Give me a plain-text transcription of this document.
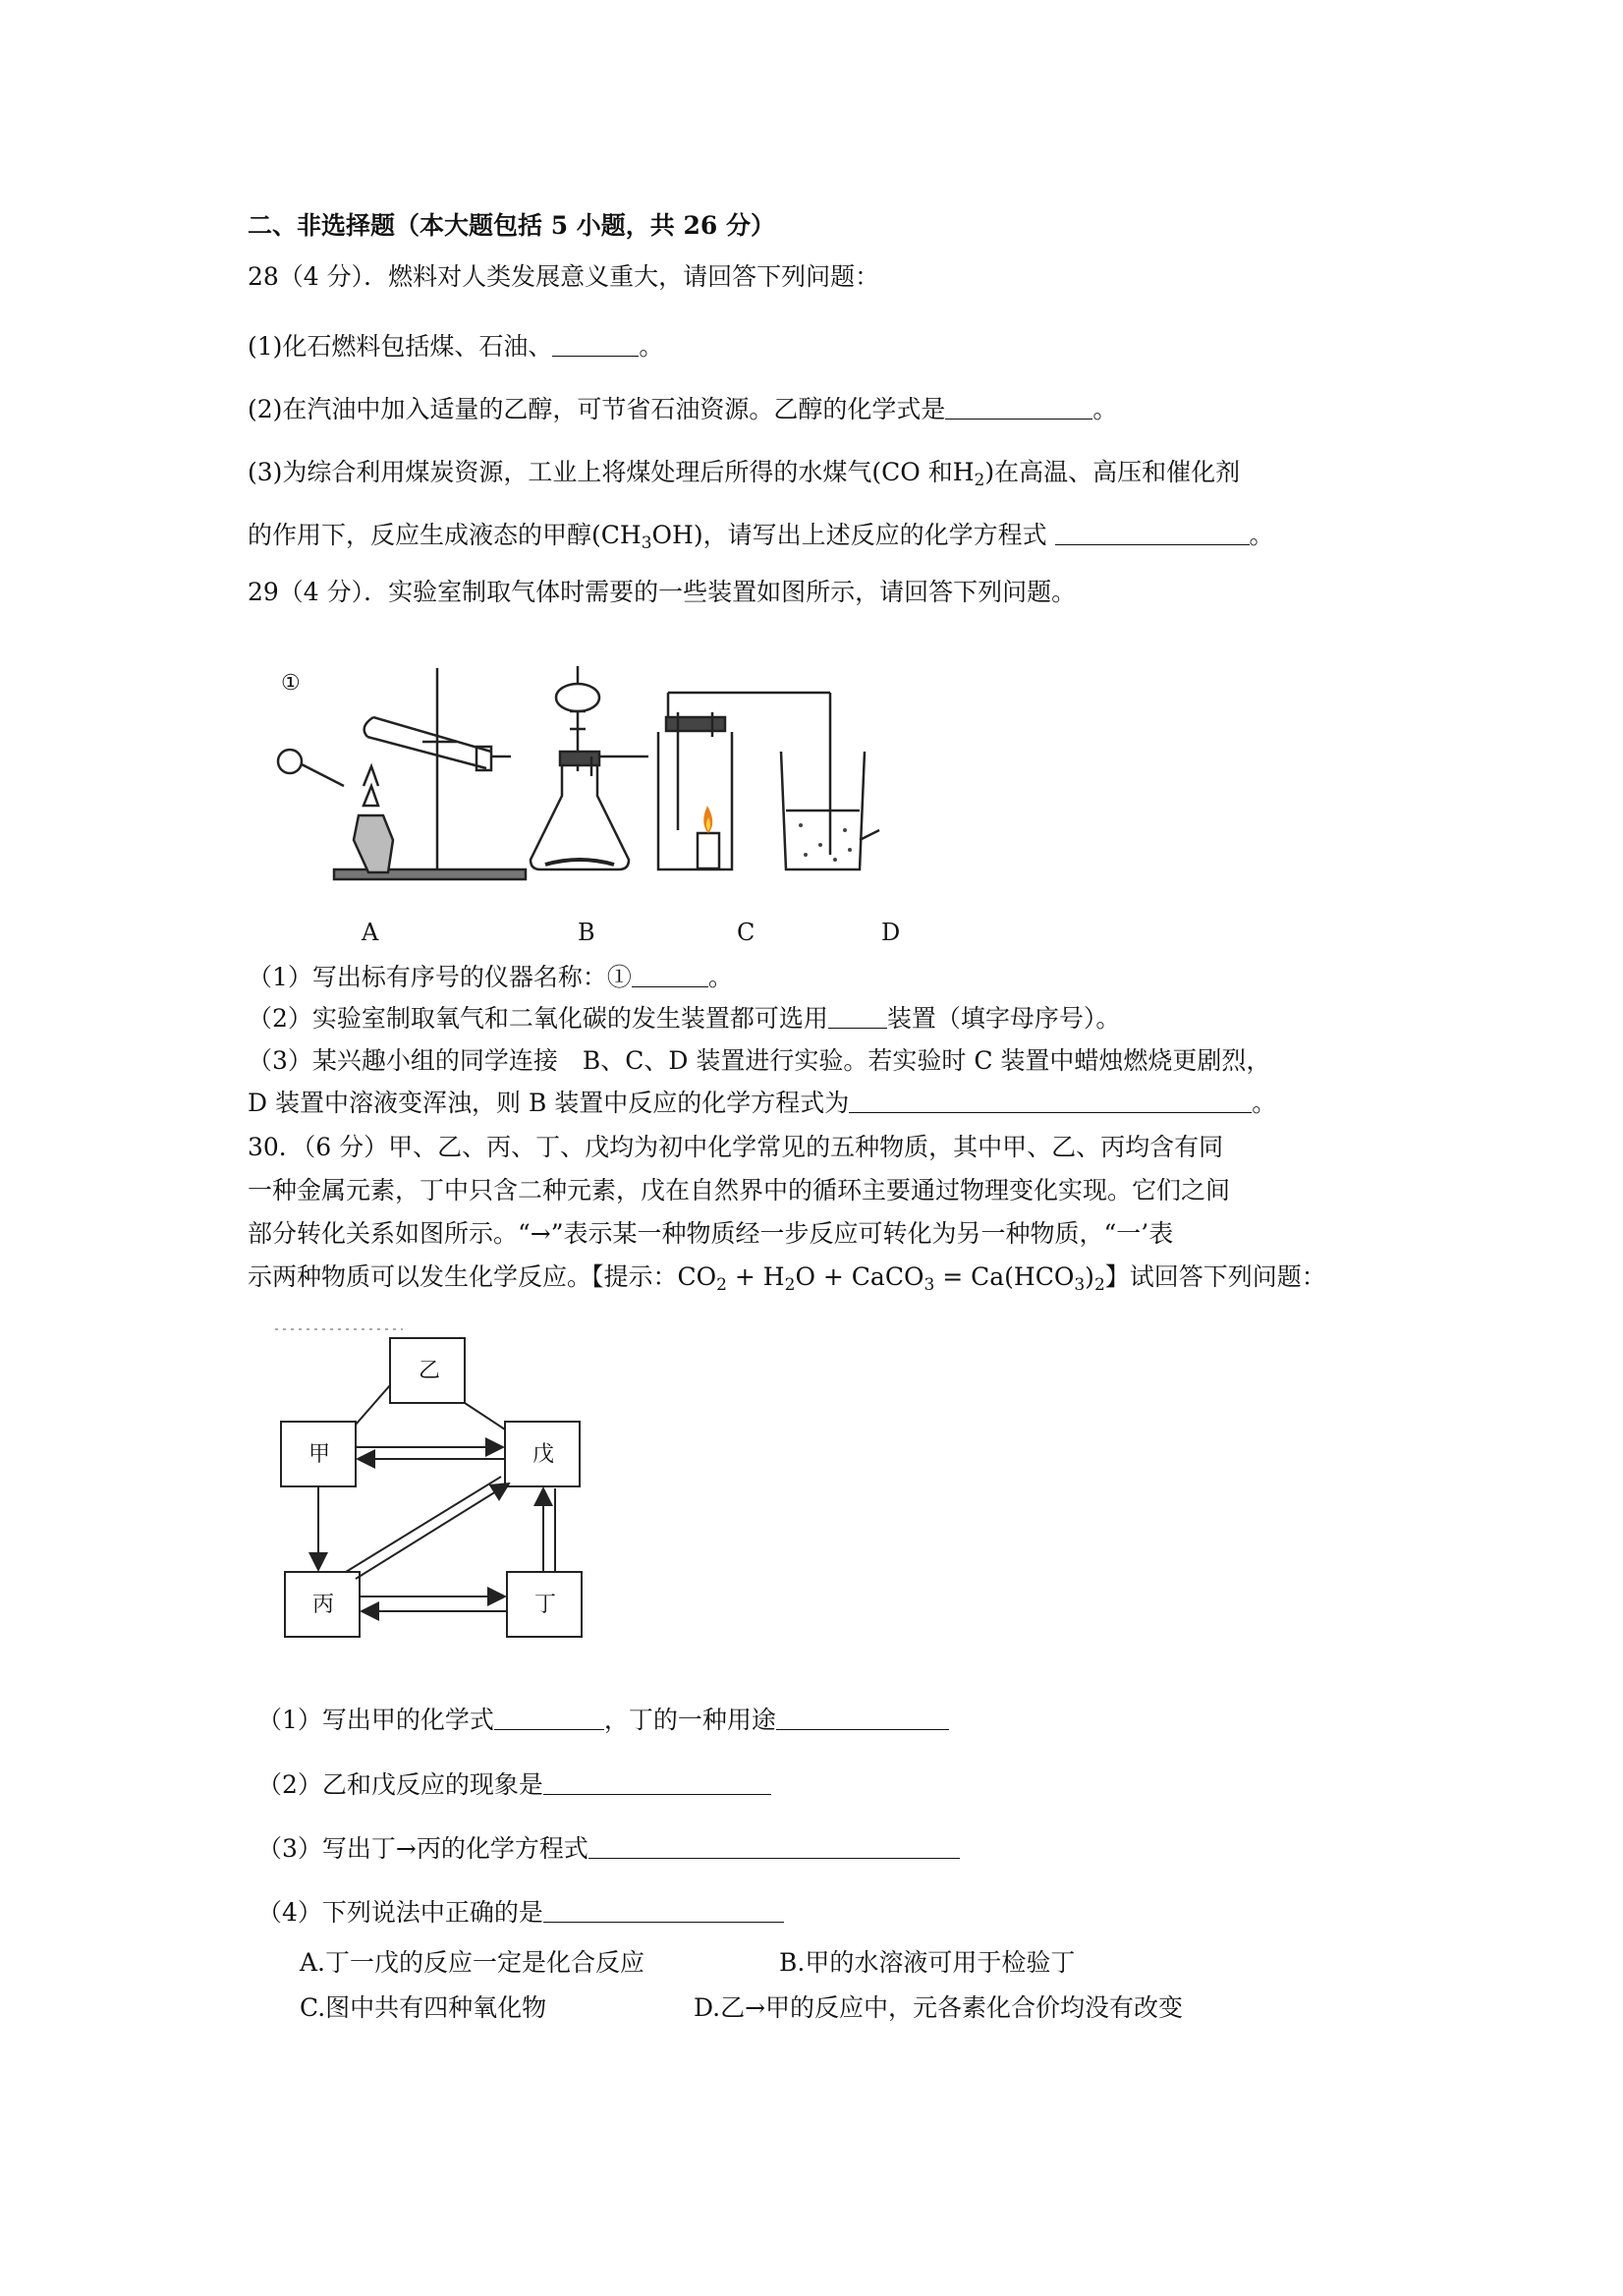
二、非选择题（本大题包括 5 小题，共 26 分）
28（4 分）．燃料对人类发展意义重大，请回答下列问题：
(1)化石燃料包括煤、石油、	。
(2)在汽油中加入适量的乙醇，可节省石油资源。乙醇的化学式是	。
(3)为综合利用煤炭资源，工业上将煤处理后所得的水煤气(CO 和$H_2$)在高温、高压和催化剂
的作用下，反应生成液态的甲醇$(CH_3OH)$，请写出上述反应的化学方程式	。
29（4 分）．实验室制取气体时需要的一些装置如图所示，请回答下列问题。
①
A	B	C	D
（1）写出标有序号的仪器名称：①	。
（2）实验室制取氧气和二氧化碳的发生装置都可选用 装置（填字母序号）。
（3）某兴趣小组的同学连接　B、C、D 装置进行实验。若实验时 C 装置中蜡烛燃烧更剧烈，
D 装置中溶液变浑浊，则 B 装置中反应的化学方程式为	。
30．（6 分）甲、乙、丙、丁、戊均为初中化学常见的五种物质，其中甲、乙、丙均含有同
一种金属元素，丁中只含二种元素，戊在自然界中的循环主要通过物理变化实现。它们之间
部分转化关系如图所示。“→”表示某一种物质经一步反应可转化为另一种物质，“一’表
示两种物质可以发生化学反应。【提示：$CO_2 + H_2O$ + CaCO$_3$ = $Ca(HCO_3)_2$】试回答下列问题：
乙
甲	戊
丙	丁
（1）写出甲的化学式	，丁的一种用途
（2）乙和戊反应的现象是
（3）写出丁→丙的化学方程式
（4）下列说法中正确的是
A.丁一戊的反应一定是化合反应	B.甲的水溶液可用于检验丁
C.图中共有四种氧化物	D.乙→甲的反应中，元各素化合价均没有改变
